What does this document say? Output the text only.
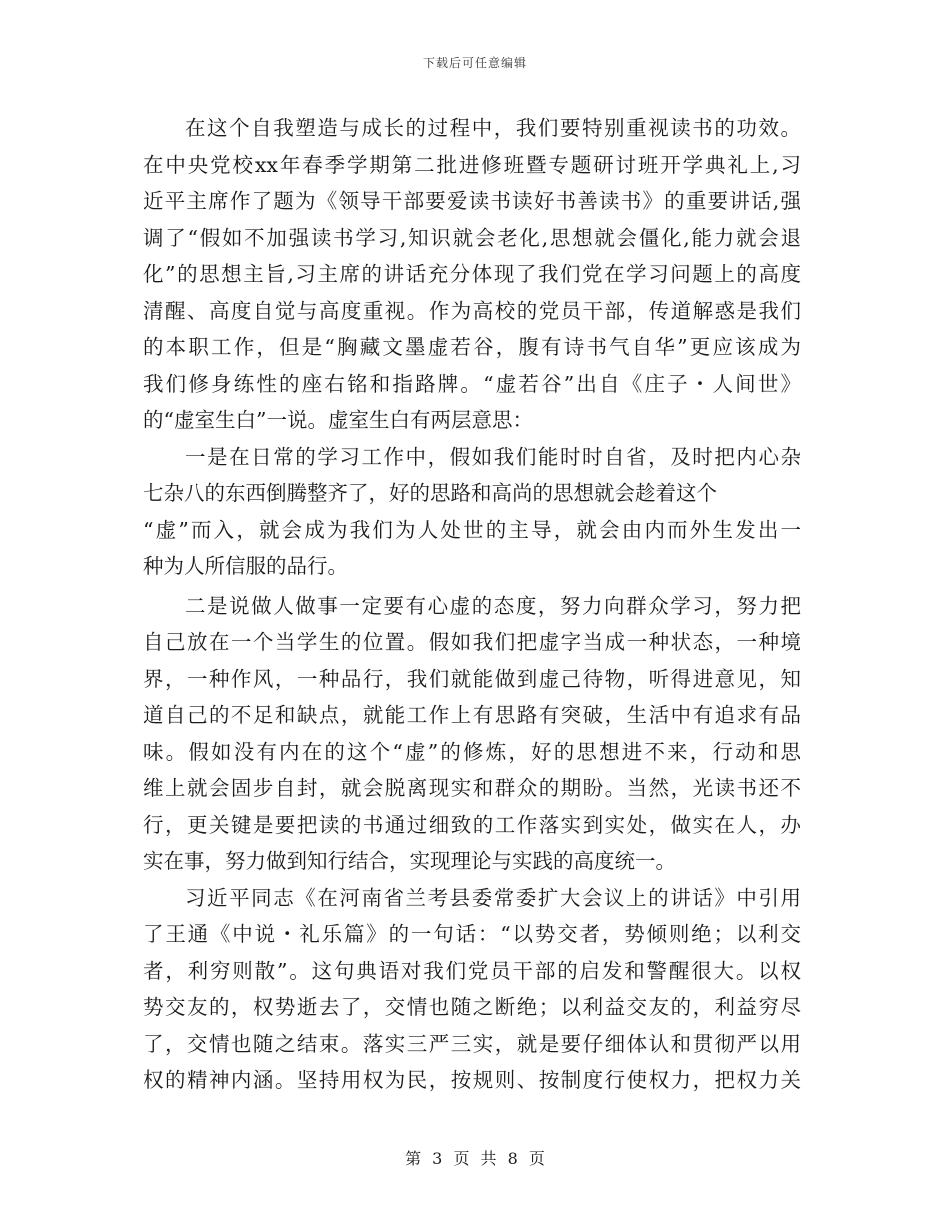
下载后可任意编辑
在这个自我塑造与成长的过程中，我们要特别重视读书的功效。
在中央党校xx年春季学期第二批进修班暨专题研讨班开学典礼上,习
近平主席作了题为《领导干部要爱读书读好书善读书》的重要讲话,强
调了“假如不加强读书学习,知识就会老化,思想就会僵化,能力就会退
化”的思想主旨,习主席的讲话充分体现了我们党在学习问题上的高度
清醒、高度自觉与高度重视。作为高校的党员干部，传道解惑是我们
的本职工作，但是“胸藏文墨虚若谷，腹有诗书气自华”更应该成为
我们修身练性的座右铭和指路牌。“虚若谷”出自《庄子・人间世》
的“虚室生白”一说。虚室生白有两层意思：
一是在日常的学习工作中，假如我们能时时自省，及时把内心杂
七杂八的东西倒腾整齐了，好的思路和高尚的思想就会趁着这个
“虚”而入，就会成为我们为人处世的主导，就会由内而外生发出一
种为人所信服的品行。
二是说做人做事一定要有心虚的态度，努力向群众学习，努力把
自己放在一个当学生的位置。假如我们把虚字当成一种状态，一种境
界，一种作风，一种品行，我们就能做到虚己待物，听得进意见，知
道自己的不足和缺点，就能工作上有思路有突破，生活中有追求有品
味。假如没有内在的这个“虚”的修炼，好的思想进不来，行动和思
维上就会固步自封，就会脱离现实和群众的期盼。当然，光读书还不
行，更关键是要把读的书通过细致的工作落实到实处，做实在人，办
实在事，努力做到知行结合，实现理论与实践的高度统一。
习近平同志《在河南省兰考县委常委扩大会议上的讲话》中引用
了王通《中说・礼乐篇》的一句话：“以势交者，势倾则绝；以利交
者，利穷则散”。这句典语对我们党员干部的启发和警醒很大。以权
势交友的，权势逝去了，交情也随之断绝；以利益交友的，利益穷尽
了，交情也随之结束。落实三严三实，就是要仔细体认和贯彻严以用
权的精神内涵。坚持用权为民，按规则、按制度行使权力，把权力关
第 3 页 共 8 页
